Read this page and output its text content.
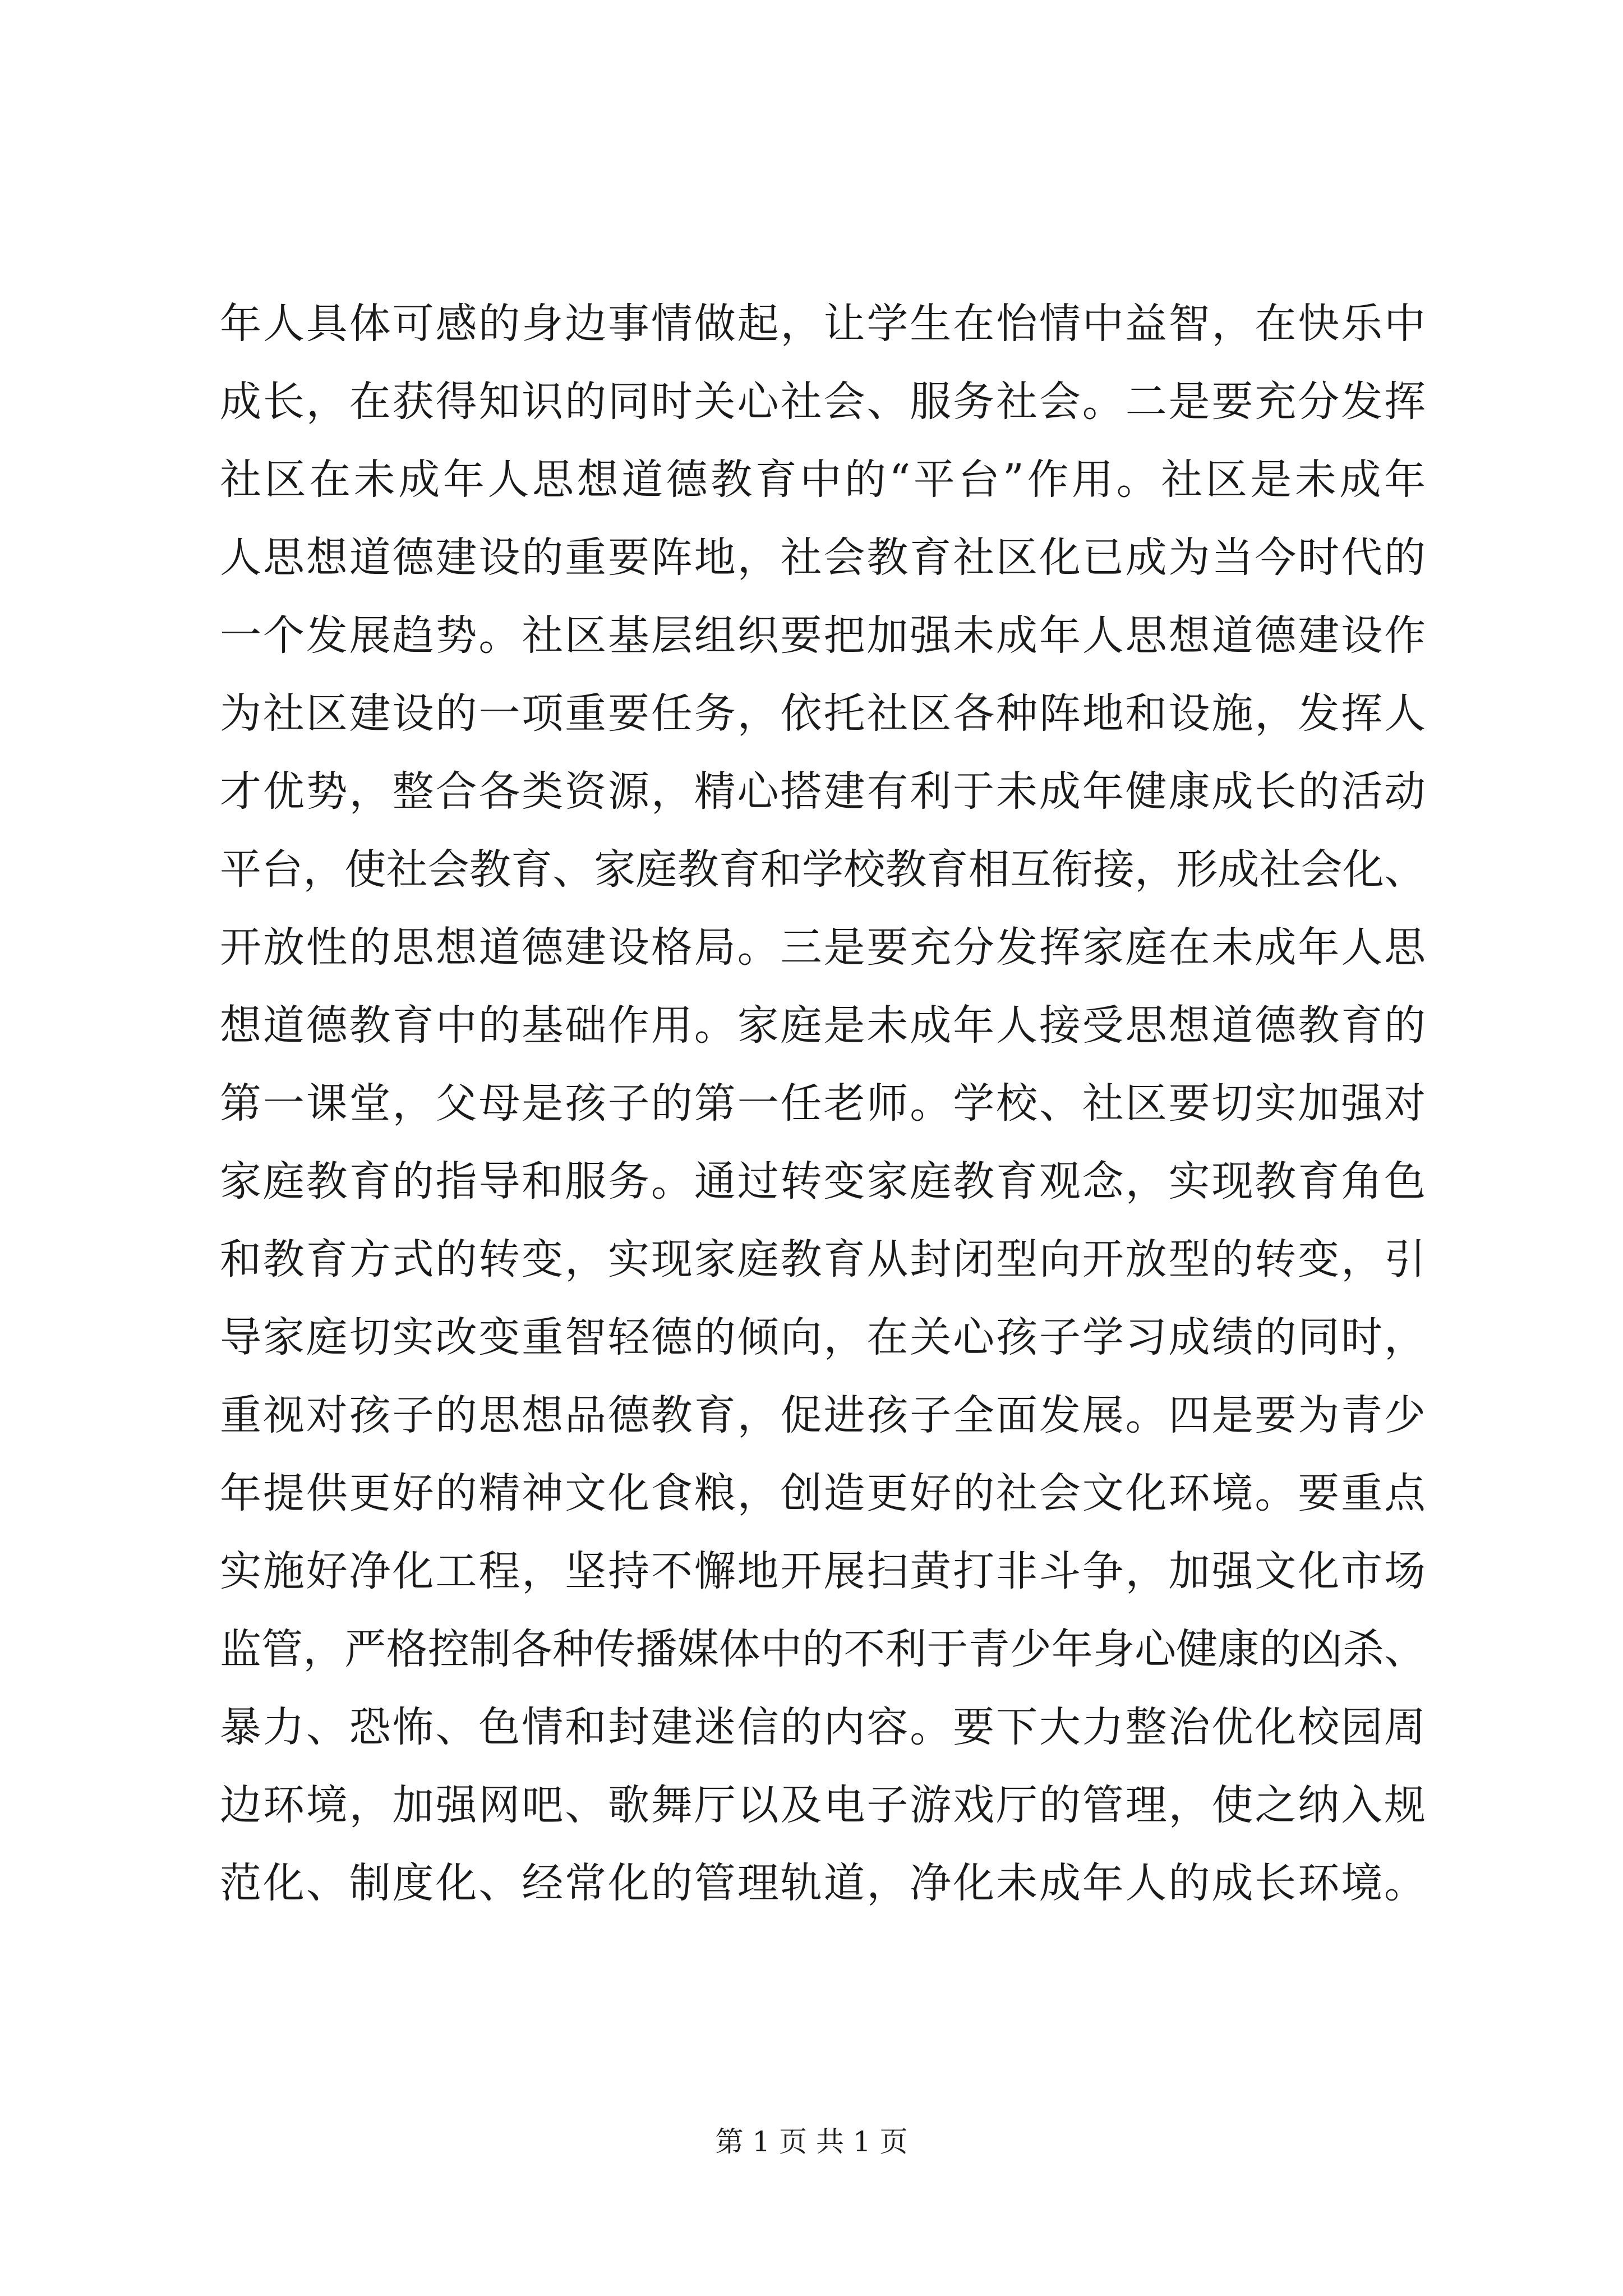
年人具体可感的身边事情做起，让学生在怡情中益智，在快乐中
成长，在获得知识的同时关心社会、服务社会。二是要充分发挥
社区在未成年人思想道德教育中的“平台”作用。社区是未成年
人思想道德建设的重要阵地，社会教育社区化已成为当今时代的
一个发展趋势。社区基层组织要把加强未成年人思想道德建设作
为社区建设的一项重要任务，依托社区各种阵地和设施，发挥人
才优势，整合各类资源，精心搭建有利于未成年健康成长的活动
平台，使社会教育、家庭教育和学校教育相互衔接，形成社会化、
开放性的思想道德建设格局。三是要充分发挥家庭在未成年人思
想道德教育中的基础作用。家庭是未成年人接受思想道德教育的
第一课堂，父母是孩子的第一任老师。学校、社区要切实加强对
家庭教育的指导和服务。通过转变家庭教育观念，实现教育角色
和教育方式的转变，实现家庭教育从封闭型向开放型的转变，引
导家庭切实改变重智轻德的倾向，在关心孩子学习成绩的同时，
重视对孩子的思想品德教育，促进孩子全面发展。四是要为青少
年提供更好的精神文化食粮，创造更好的社会文化环境。要重点
实施好净化工程，坚持不懈地开展扫黄打非斗争，加强文化市场
监管，严格控制各种传播媒体中的不利于青少年身心健康的凶杀、
暴力、恐怖、色情和封建迷信的内容。要下大力整治优化校园周
边环境，加强网吧、歌舞厅以及电子游戏厅的管理，使之纳入规
范化、制度化、经常化的管理轨道，净化未成年人的成长环境。
第 1 页 共 1 页
